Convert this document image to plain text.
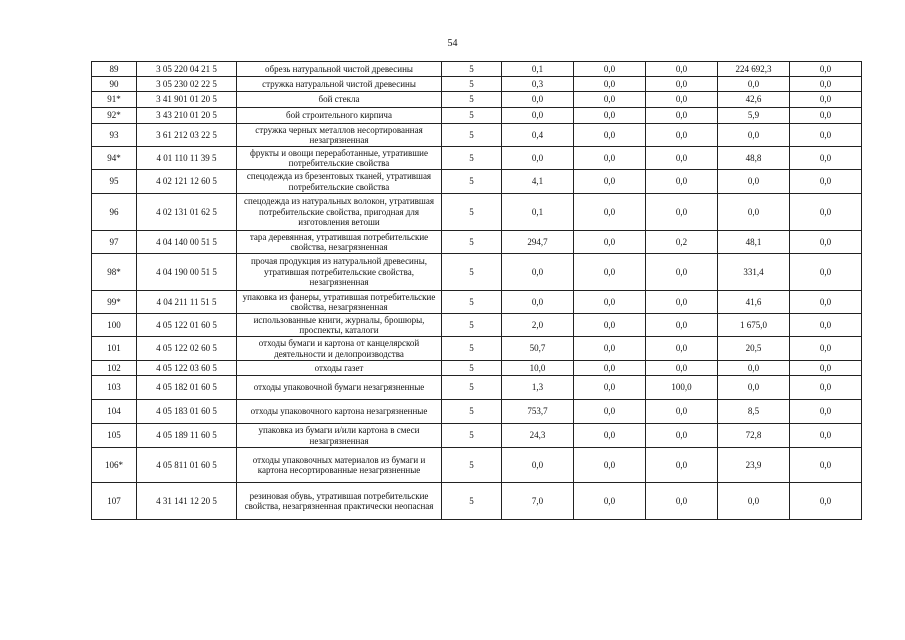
54
89	3 05 220 04 21 5	обрезь натуральной чистой древесины	5	0,1	0,0	0,0	224 692,3	0,0
90	3 05 230 02 22 5	стружка натуральной чистой древесины	5	0,3	0,0	0,0	0,0	0,0
91*	3 41 901 01 20 5	бой стекла	5	0,0	0,0	0,0	42,6	0,0
92*	3 43 210 01 20 5	бой строительного кирпича	5	0,0	0,0	0,0	5,9	0,0
93	3 61 212 03 22 5	стружка черных металлов несортированная незагрязненная	5	0,4	0,0	0,0	0,0	0,0
94*	4 01 110 11 39 5	фрукты и овощи переработанные, утратившие потребительские свойства	5	0,0	0,0	0,0	48,8	0,0
95	4 02 121 12 60 5	спецодежда из брезентовых тканей, утратившая потребительские свойства	5	4,1	0,0	0,0	0,0	0,0
96	4 02 131 01 62 5	спецодежда из натуральных волокон, утратившая потребительские свойства, пригодная для изготовления ветоши	5	0,1	0,0	0,0	0,0	0,0
97	4 04 140 00 51 5	тара деревянная, утратившая потребительские свойства, незагрязненная	5	294,7	0,0	0,2	48,1	0,0
98*	4 04 190 00 51 5	прочая продукция из натуральной древесины, утратившая потребительские свойства, незагрязненная	5	0,0	0,0	0,0	331,4	0,0
99*	4 04 211 11 51 5	упаковка из фанеры, утратившая потребительские свойства, незагрязненная	5	0,0	0,0	0,0	41,6	0,0
100	4 05 122 01 60 5	использованные книги, журналы, брошюры, проспекты, каталоги	5	2,0	0,0	0,0	1 675,0	0,0
101	4 05 122 02 60 5	отходы бумаги и картона от канцелярской деятельности и делопроизводства	5	50,7	0,0	0,0	20,5	0,0
102	4 05 122 03 60 5	отходы газет	5	10,0	0,0	0,0	0,0	0,0
103	4 05 182 01 60 5	отходы упаковочной бумаги незагрязненные	5	1,3	0,0	100,0	0,0	0,0
104	4 05 183 01 60 5	отходы упаковочного картона незагрязненные	5	753,7	0,0	0,0	8,5	0,0
105	4 05 189 11 60 5	упаковка из бумаги и/или картона в смеси незагрязненная	5	24,3	0,0	0,0	72,8	0,0
106*	4 05 811 01 60 5	отходы упаковочных материалов из бумаги и картона несортированные незагрязненные	5	0,0	0,0	0,0	23,9	0,0
107	4 31 141 12 20 5	резиновая обувь, утратившая потребительские свойства, незагрязненная практически неопасная	5	7,0	0,0	0,0	0,0	0,0
